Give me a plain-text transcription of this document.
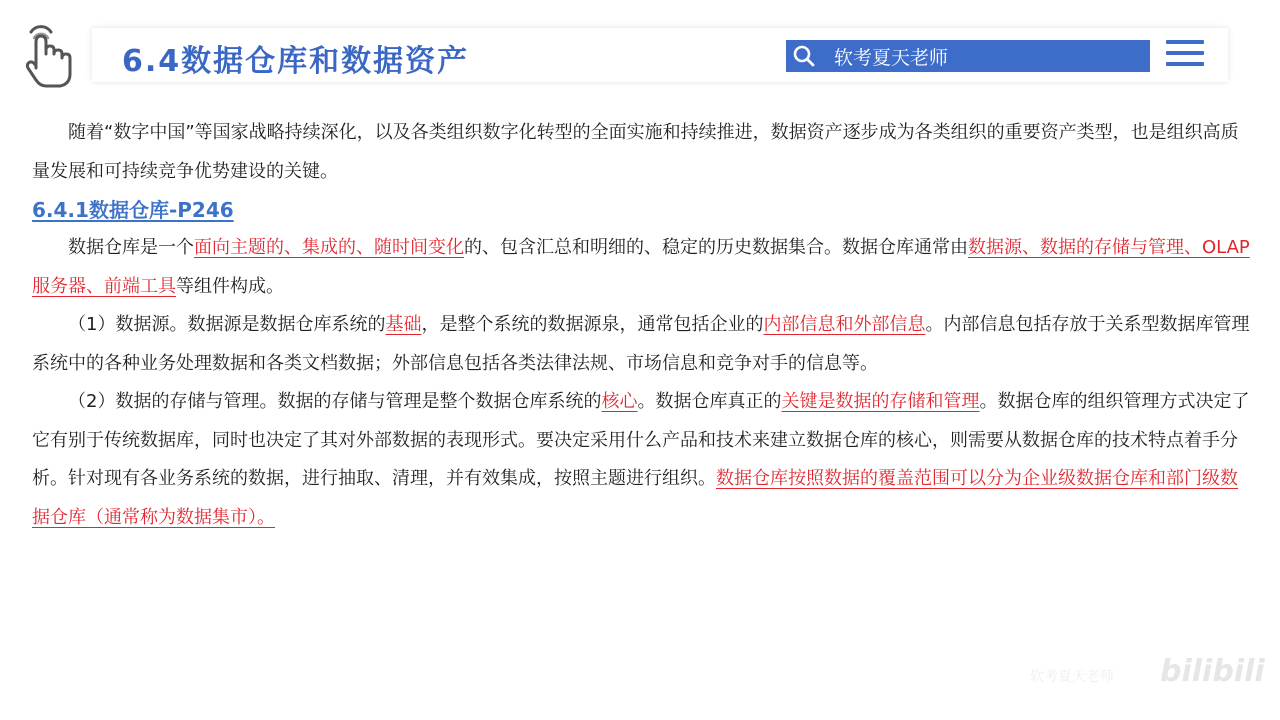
6.4数据仓库和数据资产	软考夏天老师

随着“数字中国”等国家战略持续深化，以及各类组织数字化转型的全面实施和持续推进，数据资产逐步成为各类组织的重要资产类型，也是组织高质量发展和可持续竞争优势建设的关键。

6.4.1数据仓库-P246

数据仓库是一个面向主题的、集成的、随时间变化的、包含汇总和明细的、稳定的历史数据集合。数据仓库通常由数据源、数据的存储与管理、OLAP服务器、前端工具等组件构成。

（1）数据源。数据源是数据仓库系统的基础，是整个系统的数据源泉，通常包括企业的内部信息和外部信息。内部信息包括存放于关系型数据库管理系统中的各种业务处理数据和各类文档数据；外部信息包括各类法律法规、市场信息和竞争对手的信息等。

（2）数据的存储与管理。数据的存储与管理是整个数据仓库系统的核心。数据仓库真正的关键是数据的存储和管理。数据仓库的组织管理方式决定了它有别于传统数据库，同时也决定了其对外部数据的表现形式。要决定采用什么产品和技术来建立数据仓库的核心，则需要从数据仓库的技术特点着手分析。针对现有各业务系统的数据，进行抽取、清理，并有效集成，按照主题进行组织。数据仓库按照数据的覆盖范围可以分为企业级数据仓库和部门级数据仓库（通常称为数据集市）。

软考夏天老师 bilibili
